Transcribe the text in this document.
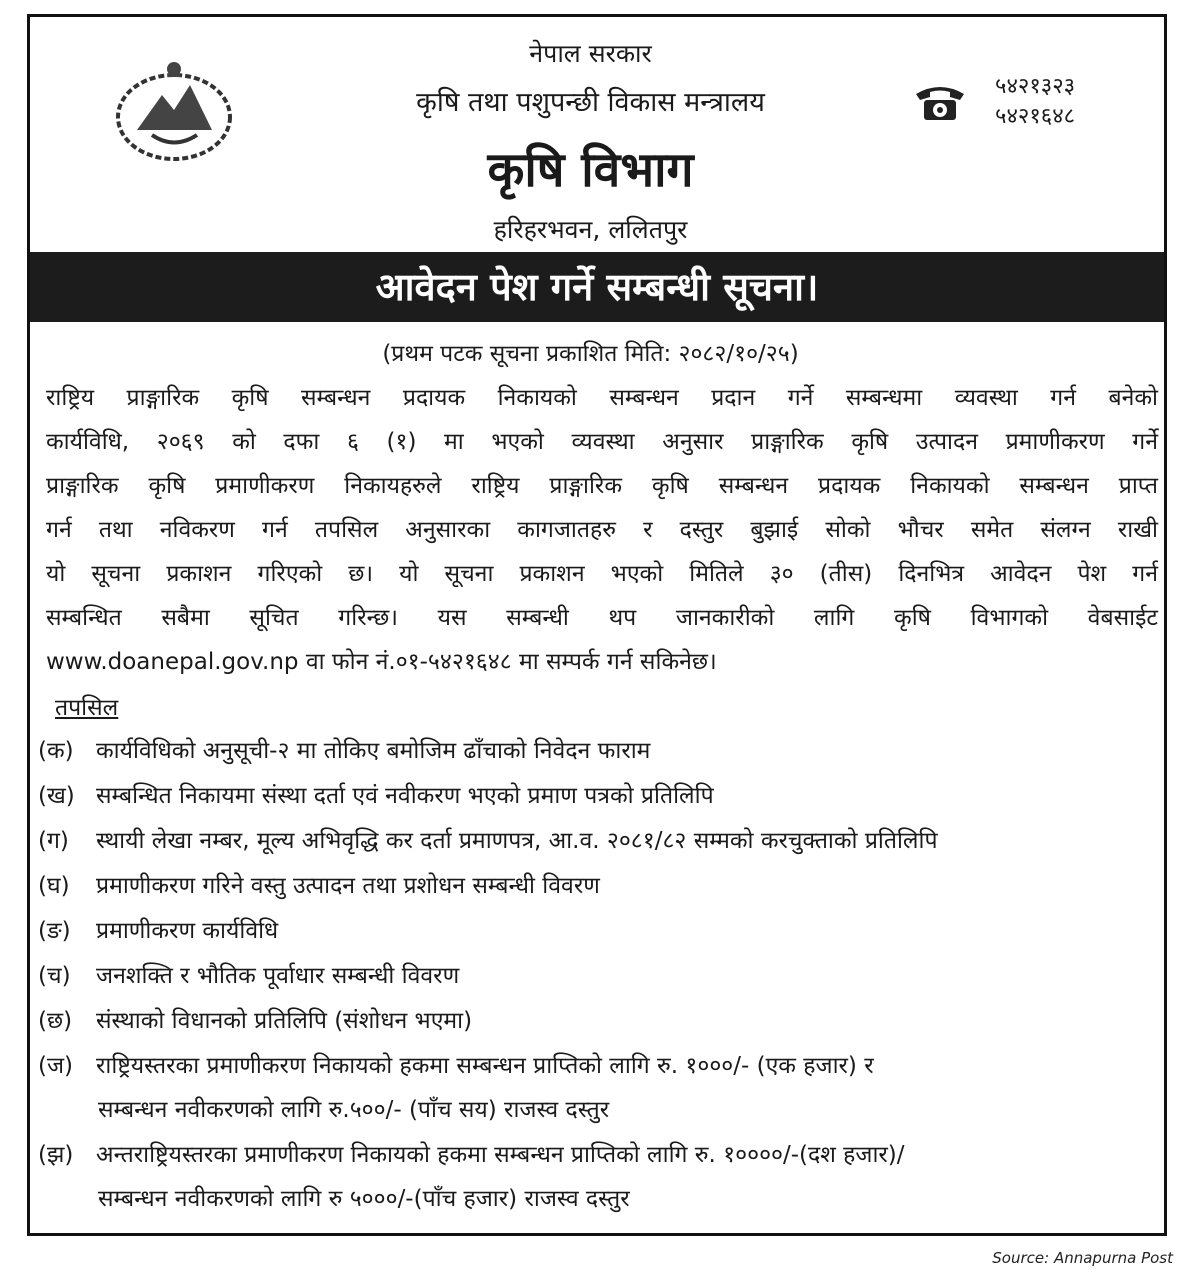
नेपाल सरकार
कृषि तथा पशुपन्छी विकास मन्त्रालय
कृषि विभाग
हरिहरभवन, ललितपुर
५४२१३२३
५४२१६४८
आवेदन पेश गर्ने सम्बन्धी सूचना।
(प्रथम पटक सूचना प्रकाशित मिति: २०८२/१०/२५)
राष्ट्रिय प्राङ्गारिक कृषि सम्बन्धन प्रदायक निकायको सम्बन्धन प्रदान गर्ने सम्बन्धमा व्यवस्था गर्न बनेको
कार्यविधि, २०६९ को दफा ६ (१) मा भएको व्यवस्था अनुसार प्राङ्गारिक कृषि उत्पादन प्रमाणीकरण गर्ने
प्राङ्गारिक कृषि प्रमाणीकरण निकायहरुले राष्ट्रिय प्राङ्गारिक कृषि सम्बन्धन प्रदायक निकायको सम्बन्धन प्राप्त
गर्न तथा नविकरण गर्न तपसिल अनुसारका कागजातहरु र दस्तुर बुझाई सोको भौचर समेत संलग्न राखी
यो सूचना प्रकाशन गरिएको छ। यो सूचना प्रकाशन भएको मितिले ३० (तीस) दिनभित्र आवेदन पेश गर्न
सम्बन्धित सबैमा सूचित गरिन्छ। यस सम्बन्धी थप जानकारीको लागि कृषि विभागको वेबसाईट
www.doanepal.gov.np वा फोन नं.०१-५४२१६४८ मा सम्पर्क गर्न सकिनेछ।
तपसिल
(क) कार्यविधिको अनुसूची-२ मा तोकिए बमोजिम ढाँचाको निवेदन फाराम
(ख) सम्बन्धित निकायमा संस्था दर्ता एवं नवीकरण भएको प्रमाण पत्रको प्रतिलिपि
(ग) स्थायी लेखा नम्बर, मूल्य अभिवृद्धि कर दर्ता प्रमाणपत्र, आ.व. २०८१/८२ सम्मको करचुक्ताको प्रतिलिपि
(घ) प्रमाणीकरण गरिने वस्तु उत्पादन तथा प्रशोधन सम्बन्धी विवरण
(ङ) प्रमाणीकरण कार्यविधि
(च) जनशक्ति र भौतिक पूर्वाधार सम्बन्धी विवरण
(छ) संस्थाको विधानको प्रतिलिपि (संशोधन भएमा)
(ज) राष्ट्रियस्तरका प्रमाणीकरण निकायको हकमा सम्बन्धन प्राप्तिको लागि रु. १०००/- (एक हजार) र
सम्बन्धन नवीकरणको लागि रु.५००/- (पाँच सय) राजस्व दस्तुर
(झ) अन्तराष्ट्रियस्तरका प्रमाणीकरण निकायको हकमा सम्बन्धन प्राप्तिको लागि रु. १००००/-(दश हजार)/
सम्बन्धन नवीकरणको लागि रु ५०००/-(पाँच हजार) राजस्व दस्तुर
Source: Annapurna Post
